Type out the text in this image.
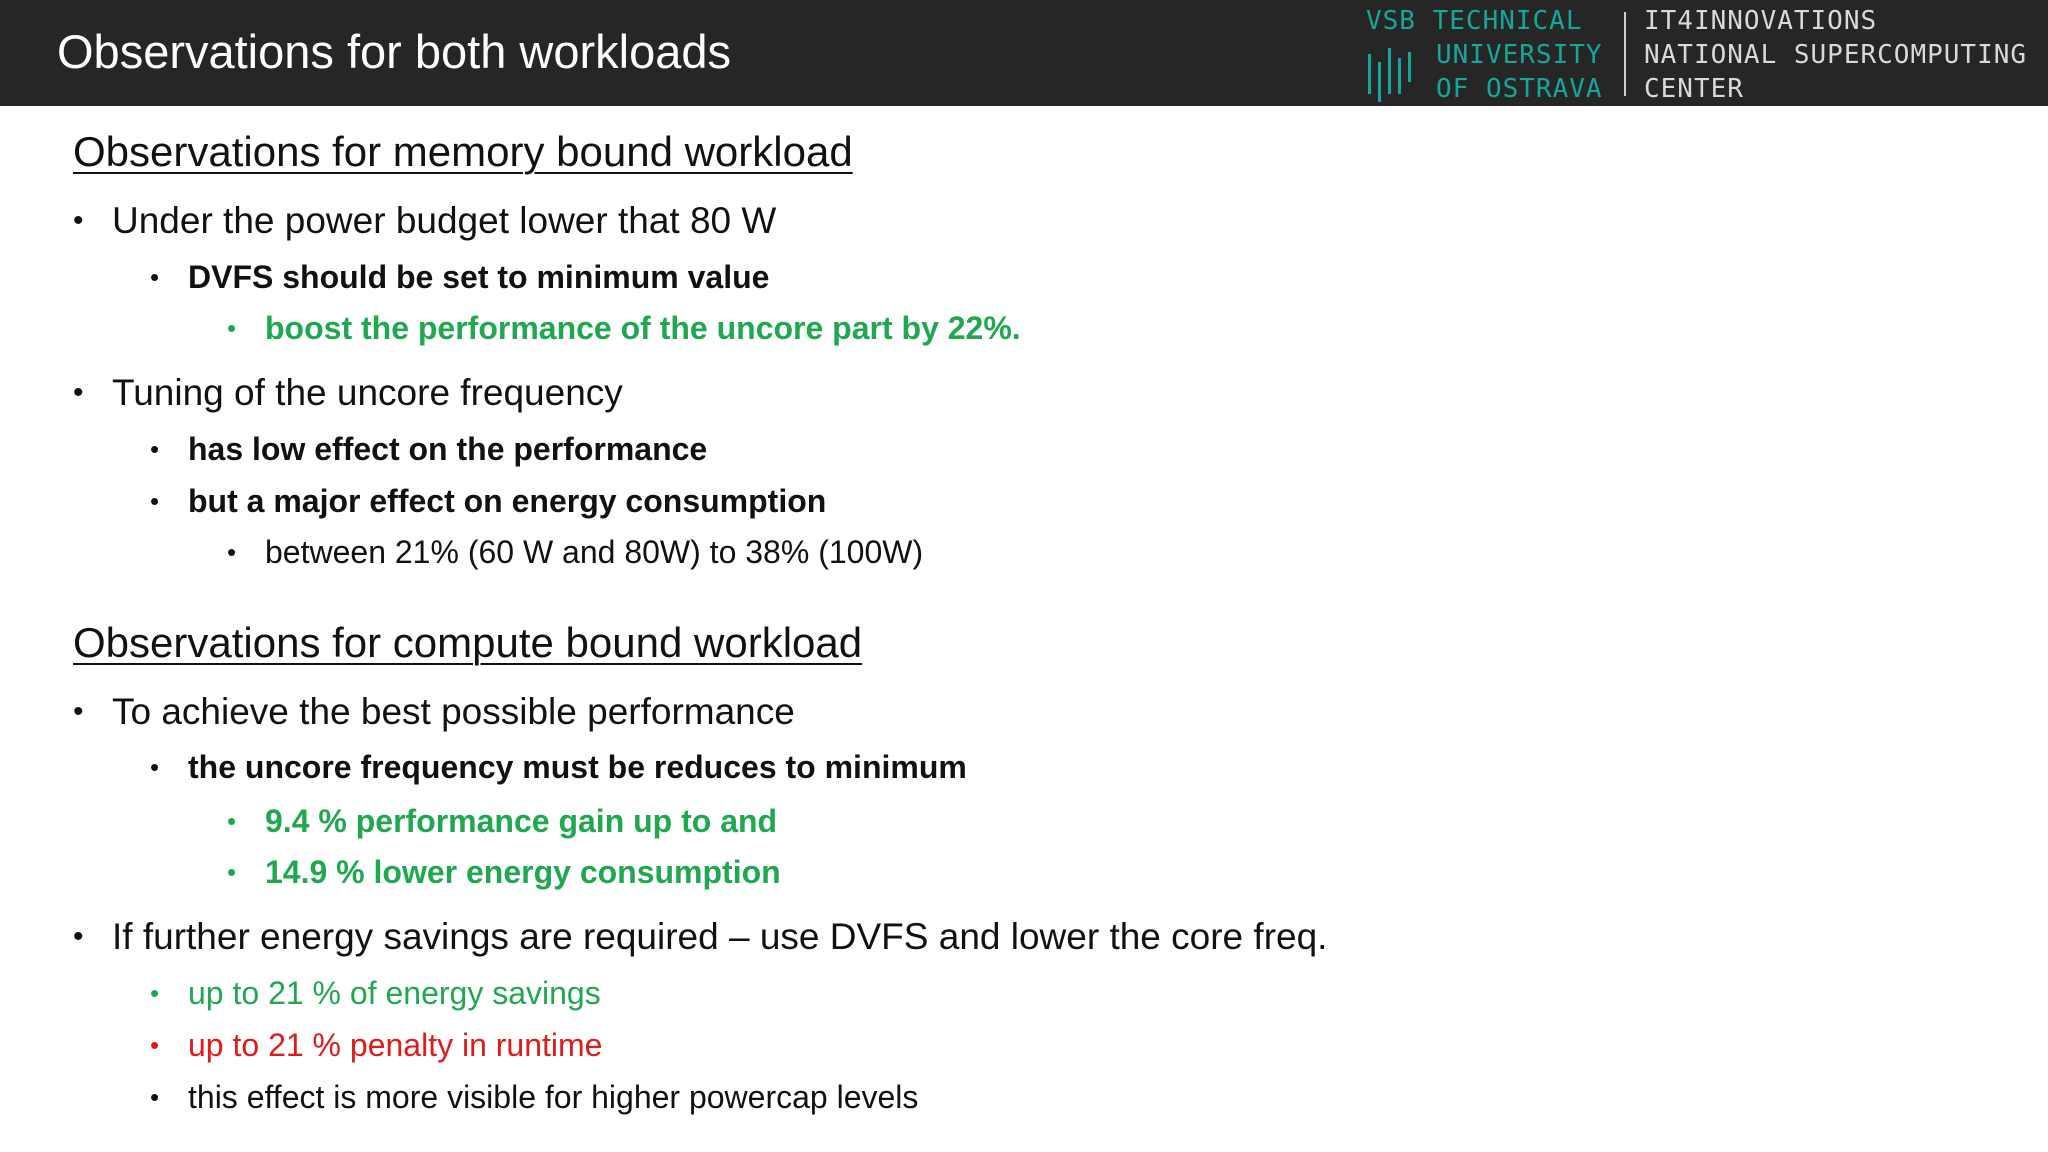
Observations for both workloads
VSB TECHNICAL
UNIVERSITY
OF OSTRAVA
IT4INNOVATIONS
NATIONAL SUPERCOMPUTING
CENTER
Observations for memory bound workload
• Under the power budget lower that 80 W
• DVFS should be set to minimum value
• boost the performance of the uncore part by 22%.
• Tuning of the uncore frequency
• has low effect on the performance
• but a major effect on energy consumption
• between 21% (60 W and 80W) to 38% (100W)
Observations for compute bound workload
• To achieve the best possible performance
• the uncore frequency must be reduces to minimum
• 9.4 % performance gain up to and
• 14.9 % lower energy consumption
• If further energy savings are required – use DVFS and lower the core freq.
• up to 21 % of energy savings
• up to 21 % penalty in runtime
• this effect is more visible for higher powercap levels
